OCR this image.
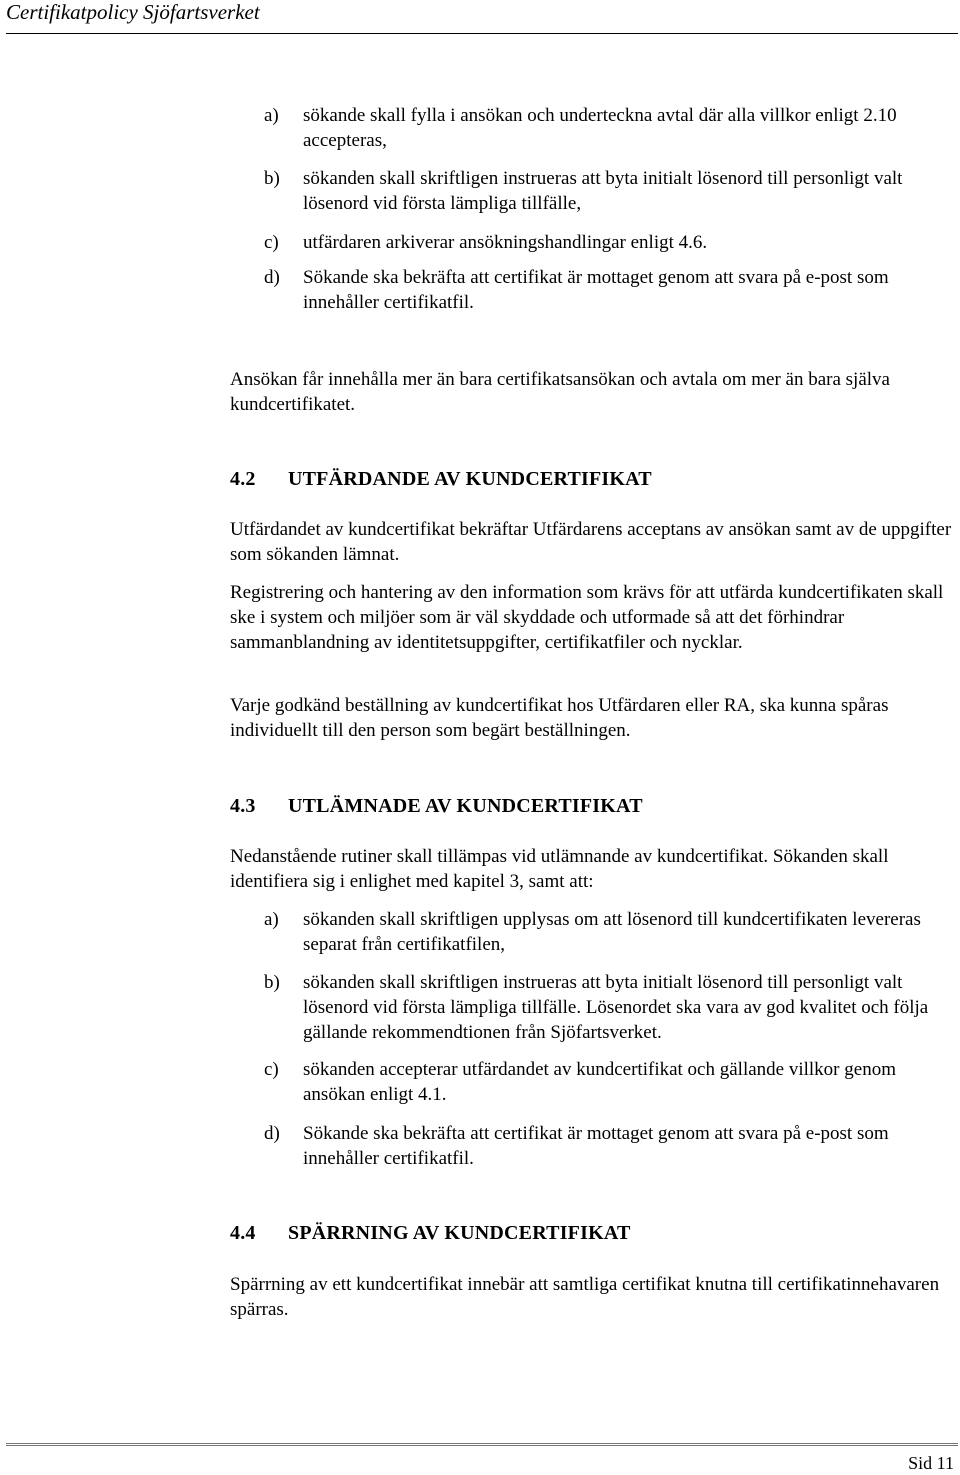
Certifikatpolicy Sjöfartsverket
a) sökande skall fylla i ansökan och underteckna avtal där alla villkor enligt 2.10 accepteras,
b) sökanden skall skriftligen instrueras att byta initialt lösenord till personligt valt lösenord vid första lämpliga tillfälle,
c) utfärdaren arkiverar ansökningshandlingar enligt 4.6.
d) Sökande ska bekräfta att certifikat är mottaget genom att svara på e-post som innehåller certifikatfil.
Ansökan får innehålla mer än bara certifikatsansökan och avtala om mer än bara själva kundcertifikatet.
4.2 UTFÄRDANDE AV KUNDCERTIFIKAT
Utfärdandet av kundcertifikat bekräftar Utfärdarens acceptans av ansökan samt av de uppgifter som sökanden lämnat.
Registrering och hantering av den information som krävs för att utfärda kundcertifikaten skall ske i system och miljöer som är väl skyddade och utformade så att det förhindrar sammanblandning av identitetsuppgifter, certifikatfiler och nycklar.
Varje godkänd beställning av kundcertifikat hos Utfärdaren eller RA, ska kunna spåras individuellt till den person som begärt beställningen.
4.3 UTLÄMNADE AV KUNDCERTIFIKAT
Nedanstående rutiner skall tillämpas vid utlämnande av kundcertifikat. Sökanden skall identifiera sig i enlighet med kapitel 3, samt att:
a) sökanden skall skriftligen upplysas om att lösenord till kundcertifikaten levereras separat från certifikatfilen,
b) sökanden skall skriftligen instrueras att byta initialt lösenord till personligt valt lösenord vid första lämpliga tillfälle. Lösenordet ska vara av god kvalitet och följa gällande rekommendtionen från Sjöfartsverket.
c) sökanden accepterar utfärdandet av kundcertifikat och gällande villkor genom ansökan enligt 4.1.
d) Sökande ska bekräfta att certifikat är mottaget genom att svara på e-post som innehåller certifikatfil.
4.4 SPÄRRNING AV KUNDCERTIFIKAT
Spärrning av ett kundcertifikat innebär att samtliga certifikat knutna till certifikatinnehavaren spärras.
Sid 11
